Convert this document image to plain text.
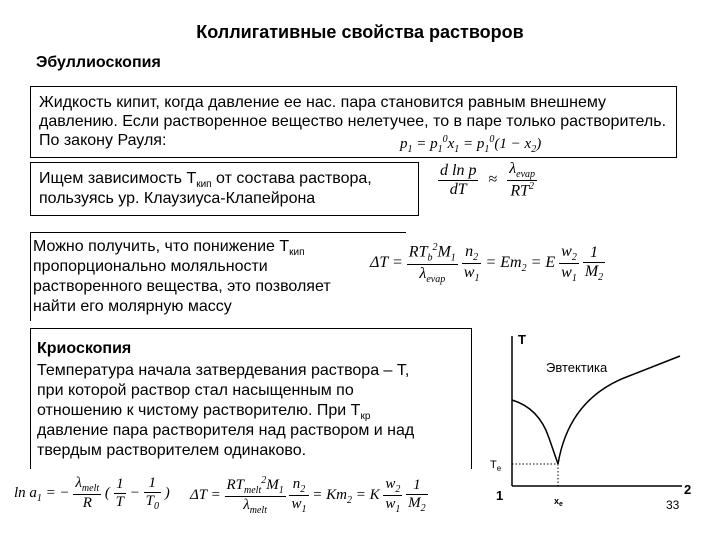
Коллигативные свойства растворов
Эбуллиоскопия
Жидкость кипит, когда давление ее нас. пара становится равным внешнему давлению. Если растворенное вещество нелетучее, то в паре только растворитель. По закону Рауля:	$p_1 = p_1^0x_1 = p_1^0(1 - x_2)$
Ищем зависимость $Т_{кип}$ от состава раствора,
пользуясь ур. Клаузиуса-Клапейрона	$\frac{\text{d ln p}}{dT} \approx \frac{\lambda_{evap}}{RT^2}$
Можно получить, что понижение $Т_{кип}$
пропорционально моляльности
растворенного вещества, это позволяет
найти его молярную массу
$\Delta T = \frac{RT_b^2M_1}{\lambda_{evap}}$
$\frac{n_2}{w_1} = Em_2 = E \frac{w_2}{w_1}$
$\frac{1}{M_2}$
Криоскопия
Температура начала затвердевания раствора – Т,
при которой раствор стал насыщенным по
отношению к чистому растворителю. При $Т_{кр}$
давление пара растворителя над раствором и над
твердым растворителем одинаково.
$\ln a_1$ = − $\frac{\lambda_{melt}}{R}$ ( $\frac{1}{T} - \frac{1}{T_0}$ ) $\Delta T = \frac{RT_{melt}^2M_1}{\lambda_{melt}}$
$\frac{n_2}{w_1} = Km_2 = K \frac{w_2}{w_1}$
$\frac{1}{M_2}$
Т
Эвтектика
$Т_е$
1	2
$х_е$	33
